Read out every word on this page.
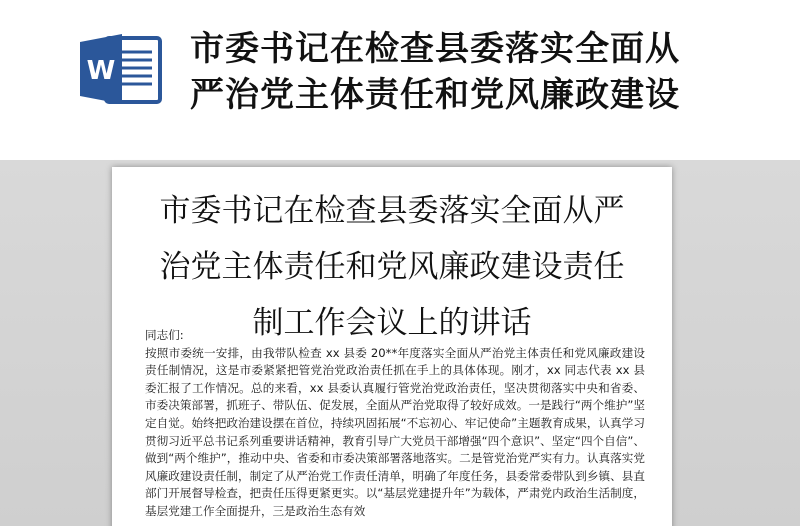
W
市委书记在检查县委落实全面从
严治党主体责任和党风廉政建设
市委书记在检查县委落实全面从严
治党主体责任和党风廉政建设责任
制工作会议上的讲话

同志们:

按照市委统一安排，由我带队检查 xx 县委 20**年度落实全面从严治党主体责任和党风廉政建设责任制情况，这是市委紧紧把管党治党政治责任抓在手上的具体体现。刚才，xx 同志代表 xx 县委汇报了工作情况。总的来看，xx 县委认真履行管党治党政治责任，坚决贯彻落实中央和省委、市委决策部署，抓班子、带队伍、促发展，全面从严治党取得了较好成效。一是践行“两个维护”坚定自觉。始终把政治建设摆在首位，持续巩固拓展“不忘初心、牢记使命”主题教育成果，认真学习贯彻习近平总书记系列重要讲话精神，教育引导广大党员干部增强“四个意识”、坚定“四个自信”、做到“两个维护”，推动中央、省委和市委决策部署落地落实。二是管党治党严实有力。认真落实党风廉政建设责任制，制定了从严治党工作责任清单，明确了年度任务，县委常委带队到乡镇、县直部门开展督导检查，把责任压得更紧更实。以“基层党建提升年”为载体，严肃党内政治生活制度，基层党建工作全面提升，三是政治生态有效
